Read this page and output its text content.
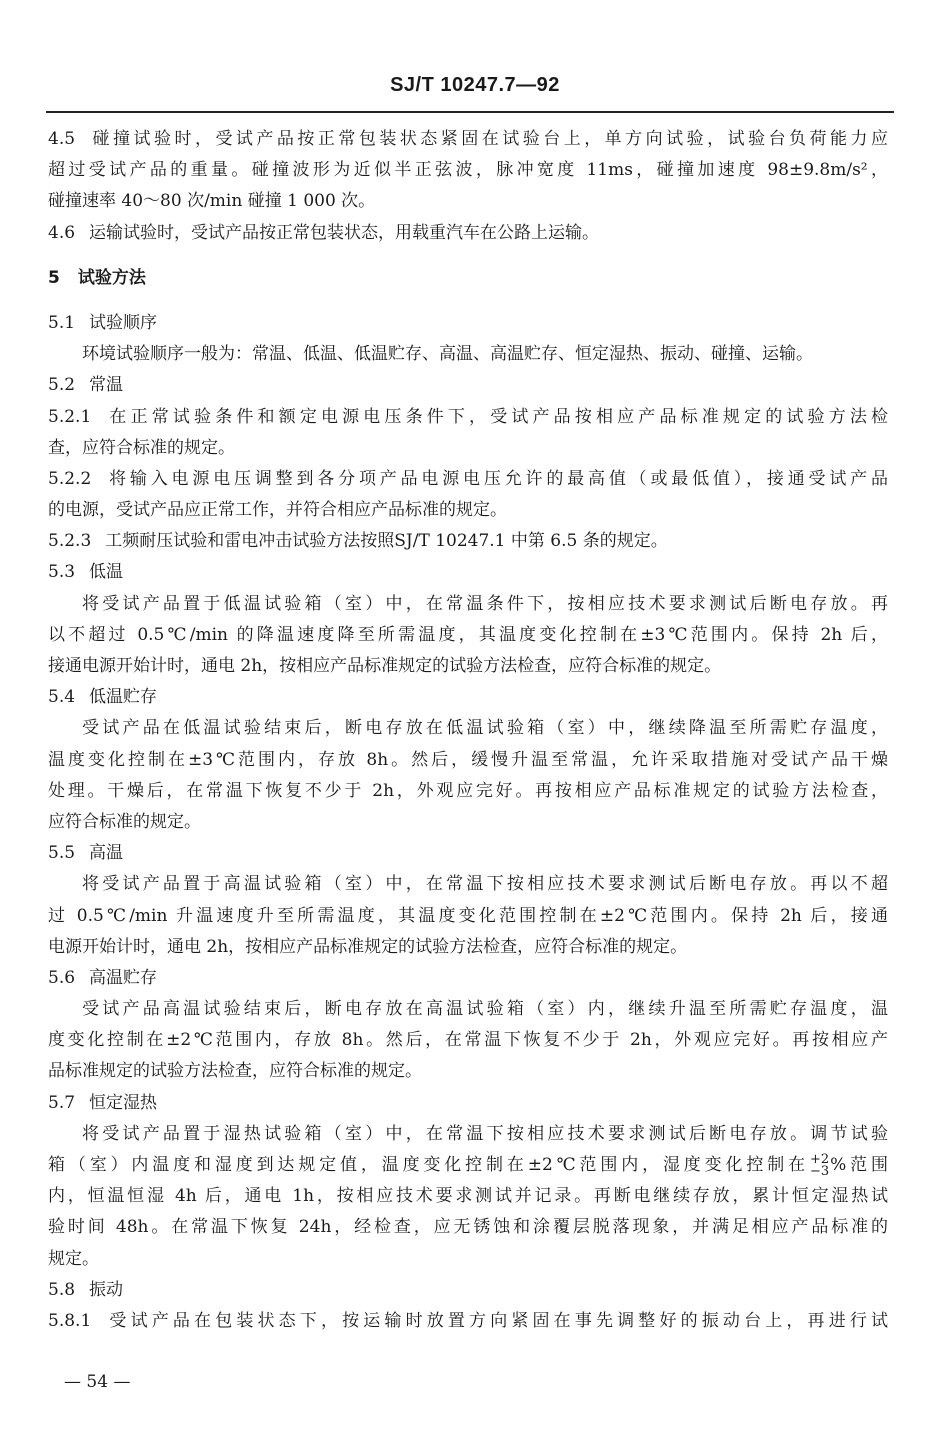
SJ/T 10247.7—92
4.5 碰撞试验时，受试产品按正常包装状态紧固在试验台上，单方向试验，试验台负荷能力应
超过受试产品的重量。碰撞波形为近似半正弦波，脉冲宽度 11ms，碰撞加速度 98±9.8m/s²，
碰撞速率 40～80 次/min 碰撞 1 000 次。
4.6 运输试验时，受试产品按正常包装状态，用载重汽车在公路上运输。
5 试验方法
5.1 试验顺序
环境试验顺序一般为：常温、低温、低温贮存、高温、高温贮存、恒定湿热、振动、碰撞、运输。
5.2 常温
5.2.1 在正常试验条件和额定电源电压条件下，受试产品按相应产品标准规定的试验方法检
查，应符合标准的规定。
5.2.2 将输入电源电压调整到各分项产品电源电压允许的最高值（或最低值），接通受试产品
的电源，受试产品应正常工作，并符合相应产品标准的规定。
5.2.3 工频耐压试验和雷电冲击试验方法按照SJ/T 10247.1 中第 6.5 条的规定。
5.3 低温
将受试产品置于低温试验箱（室）中，在常温条件下，按相应技术要求测试后断电存放。再
以不超过 0.5℃/min 的降温速度降至所需温度，其温度变化控制在±3℃范围内。保持 2h 后，
接通电源开始计时，通电 2h，按相应产品标准规定的试验方法检查，应符合标准的规定。
5.4 低温贮存
受试产品在低温试验结束后，断电存放在低温试验箱（室）中，继续降温至所需贮存温度，
温度变化控制在±3℃范围内，存放 8h。然后，缓慢升温至常温，允许采取措施对受试产品干燥
处理。干燥后，在常温下恢复不少于 2h，外观应完好。再按相应产品标准规定的试验方法检查，
应符合标准的规定。
5.5 高温
将受试产品置于高温试验箱（室）中，在常温下按相应技术要求测试后断电存放。再以不超
过 0.5℃/min 升温速度升至所需温度，其温度变化范围控制在±2℃范围内。保持 2h 后，接通
电源开始计时，通电 2h，按相应产品标准规定的试验方法检查，应符合标准的规定。
5.6 高温贮存
受试产品高温试验结束后，断电存放在高温试验箱（室）内，继续升温至所需贮存温度，温
度变化控制在±2℃范围内，存放 8h。然后，在常温下恢复不少于 2h，外观应完好。再按相应产
品标准规定的试验方法检查，应符合标准的规定。
5.7 恒定湿热
将受试产品置于湿热试验箱（室）中，在常温下按相应技术要求测试后断电存放。调节试验
箱（室）内温度和湿度到达规定值，温度变化控制在±2℃范围内，湿度变化控制在 +2
−3 %范围
内，恒温恒湿 4h 后，通电 1h，按相应技术要求测试并记录。再断电继续存放，累计恒定湿热试
验时间 48h。在常温下恢复 24h，经检查，应无锈蚀和涂覆层脱落现象，并满足相应产品标准的
规定。
5.8 振动
5.8.1 受试产品在包装状态下，按运输时放置方向紧固在事先调整好的振动台上，再进行试
— 54 —
